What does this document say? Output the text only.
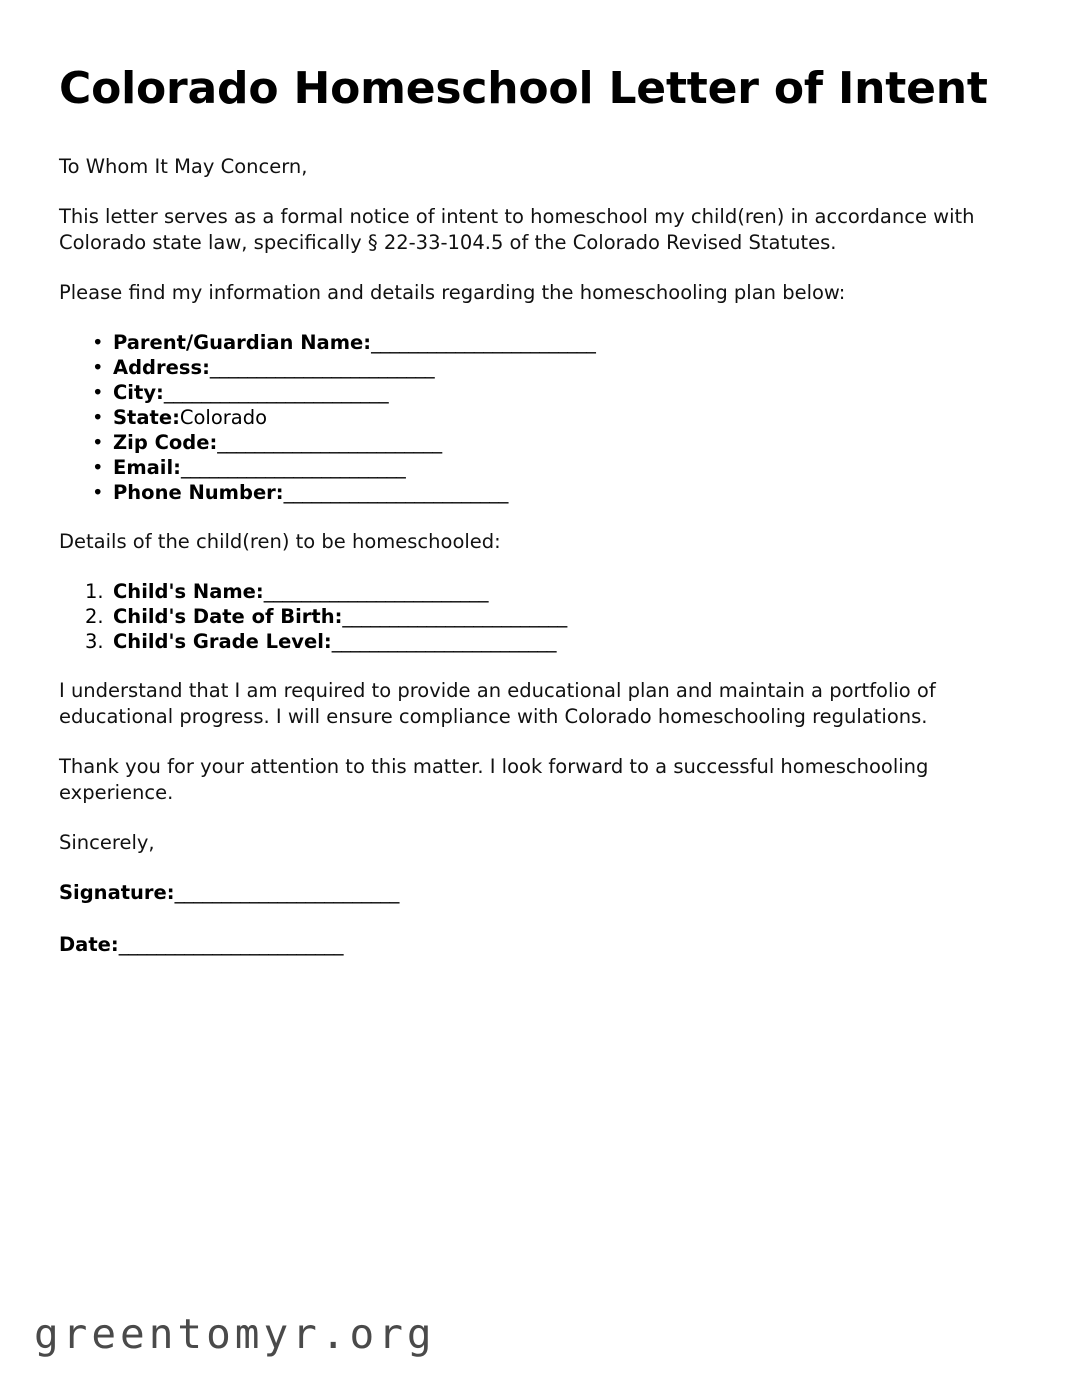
Colorado Homeschool Letter of Intent

To Whom It May Concern,

This letter serves as a formal notice of intent to homeschool my child(ren) in accordance with Colorado state law, specifically § 22-33-104.5 of the Colorado Revised Statutes.

Please find my information and details regarding the homeschooling plan below:

• Parent/Guardian Name:________________________
• Address:________________________
• City:________________________
• State:Colorado
• Zip Code:________________________
• Email:________________________
• Phone Number:________________________

Details of the child(ren) to be homeschooled:

Child's Name:________________________
Child's Date of Birth:________________________
Child's Grade Level:________________________

I understand that I am required to provide an educational plan and maintain a portfolio of educational progress. I will ensure compliance with Colorado homeschooling regulations.

Thank you for your attention to this matter. I look forward to a successful homeschooling experience.

Sincerely,

Signature:________________________
Date:________________________
greentomyr.org
